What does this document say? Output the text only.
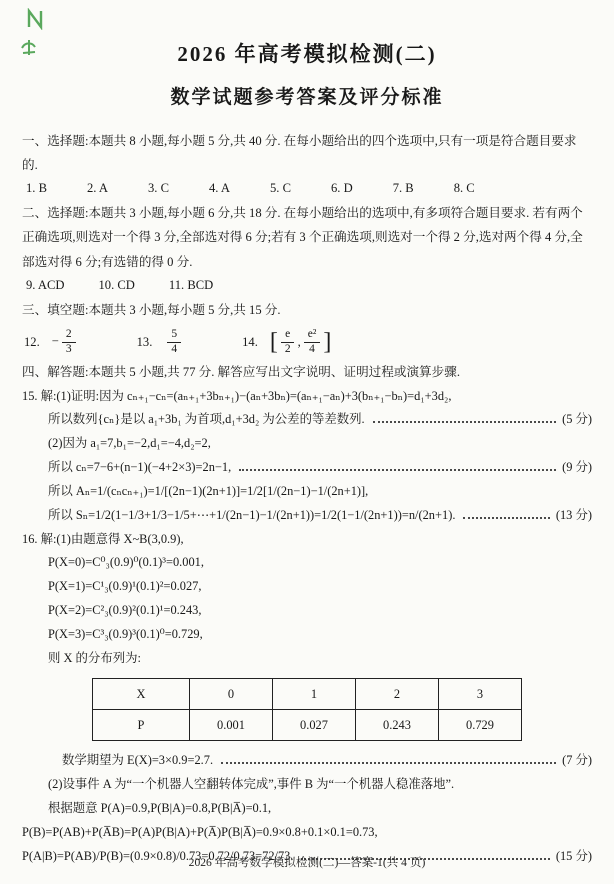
2026 年高考模拟检测(二)
数学试题参考答案及评分标准
一、选择题:本题共 8 小题,每小题 5 分,共 40 分. 在每小题给出的四个选项中,只有一项是符合题目要求的.
1. B	2. A	3. C	4. A	5. C	6. D	7. B	8. C
二、选择题:本题共 3 小题,每小题 6 分,共 18 分. 在每小题给出的选项中,有多项符合题目要求. 若有两个正确选项,则选对一个得 3 分,全部选对得 6 分;若有 3 个正确选项,则选对一个得 2 分,选对两个得 4 分,全部选对得 6 分;有选错的得 0 分.
9. ACD	10. CD	11. BCD
三、填空题:本题共 3 小题,每小题 5 分,共 15 分.
12. − $\frac{2}{3}$	13. $\frac{5}{4}$	14. [ $\frac{e}{2}$ , $\frac{\text{e²}}{4}$ ]
四、解答题:本题共 5 小题,共 77 分. 解答应写出文字说明、证明过程或演算步骤.
15. 解:(1)证明:因为 cₙ₊₁−cₙ=(aₙ₊₁+3bₙ₊₁)−(aₙ+3bₙ)=(aₙ₊₁−aₙ)+3(bₙ₊₁−bₙ)=d₁+3d₂,
所以数列{cₙ}是以 a₁+3b₁ 为首项,d₁+3d₂ 为公差的等差数列.	(5 分)
(2)因为 a₁=7,b₁=−2,d₁=−4,d₂=2,
所以 cₙ=7−6+(n−1)(−4+2×3)=2n−1,	(9 分)
所以 Aₙ=1/(cₙcₙ₊₁)=1/[(2n−1)(2n+1)]=1/2[1/(2n−1)−1/(2n+1)],
所以 Sₙ=1/2(1−1/3+1/3−1/5+⋯+1/(2n−1)−1/(2n+1))=1/2(1−1/(2n+1))=n/(2n+1).	(13 分)
16. 解:(1)由题意得 X~B(3,0.9),
P(X=0)=C⁰₃(0.9)⁰(0.1)³=0.001,
P(X=1)=C¹₃(0.9)¹(0.1)²=0.027,
P(X=2)=C²₃(0.9)²(0.1)¹=0.243,
P(X=3)=C³₃(0.9)³(0.1)⁰=0.729,
则 X 的分布列为:
X	0	1	2	3
P	0.001	0.027	0.243	0.729
数学期望为 E(X)=3×0.9=2.7.	(7 分)
(2)设事件 A 为“一个机器人空翻转体完成”,事件 B 为“一个机器人稳准落地”.
根据题意 P(A)=0.9,P(B|A)=0.8,P(B|A̅)=0.1,
P(B)=P(AB)+P(A̅B)=P(A)P(B|A)+P(A̅)P(B|A̅)=0.9×0.8+0.1×0.1=0.73,
P(A|B)=P(AB)/P(B)=(0.9×0.8)/0.73=0.72/0.73=72/73.	(15 分)
2026 年高考数学模拟检测(二)—答案-1(共 4 页)
